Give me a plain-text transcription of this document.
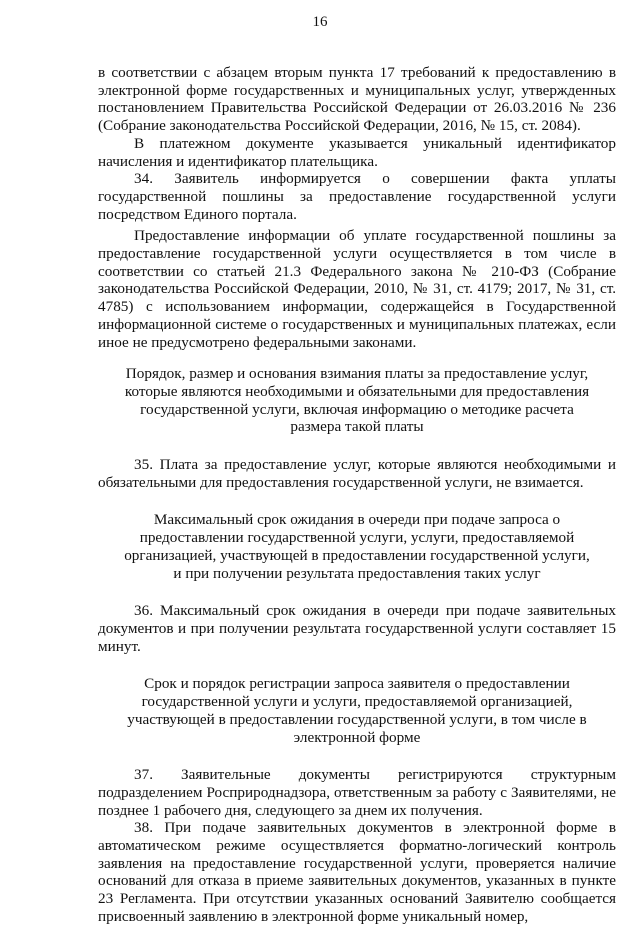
16

в соответствии с абзацем вторым пункта 17 требований к предоставлению в электронной форме государственных и муниципальных услуг, утвержденных постановлением Правительства Российской Федерации от 26.03.2016 № 236 (Собрание законодательства Российской Федерации, 2016, № 15, ст. 2084).

В платежном документе указывается уникальный идентификатор начисления и идентификатор плательщика.

34. Заявитель информируется о совершении факта уплаты государственной пошлины за предоставление государственной услуги посредством Единого портала.

Предоставление информации об уплате государственной пошлины за предоставление государственной услуги осуществляется в том числе в соответствии со статьей 21.3 Федерального закона № 210-ФЗ (Собрание законодательства Российской Федерации, 2010, № 31, ст. 4179; 2017, № 31, ст. 4785) с использованием информации, содержащейся в Государственной информационной системе о государственных и муниципальных платежах, если иное не предусмотрено федеральными законами.

Порядок, размер и основания взимания платы за предоставление услуг, которые являются необходимыми и обязательными для предоставления государственной услуги, включая информацию о методике расчета размера такой платы

35. Плата за предоставление услуг, которые являются необходимыми и обязательными для предоставления государственной услуги, не взимается.

Максимальный срок ожидания в очереди при подаче запроса о предоставлении государственной услуги, услуги, предоставляемой организацией, участвующей в предоставлении государственной услуги, и при получении результата предоставления таких услуг

36. Максимальный срок ожидания в очереди при подаче заявительных документов и при получении результата государственной услуги составляет 15 минут.

Срок и порядок регистрации запроса заявителя о предоставлении государственной услуги и услуги, предоставляемой организацией, участвующей в предоставлении государственной услуги, в том числе в электронной форме

37. Заявительные документы регистрируются структурным подразделением Росприроднадзора, ответственным за работу с Заявителями, не позднее 1 рабочего дня, следующего за днем их получения.

38. При подаче заявительных документов в электронной форме в автоматическом режиме осуществляется форматно-логический контроль заявления на предоставление государственной услуги, проверяется наличие оснований для отказа в приеме заявительных документов, указанных в пункте 23 Регламента. При отсутствии указанных оснований Заявителю сообщается присвоенный заявлению в электронной форме уникальный номер,
